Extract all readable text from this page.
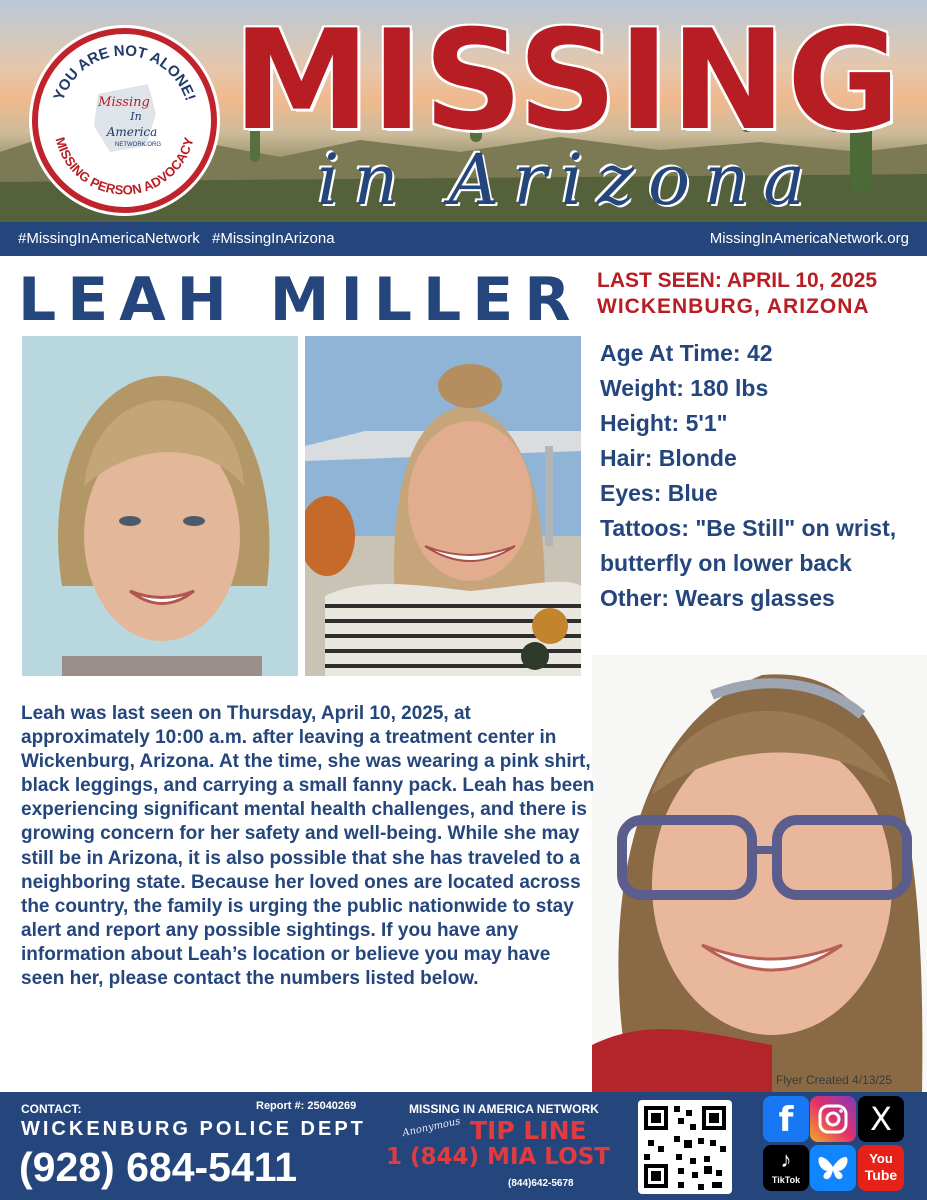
YOU ARE NOT ALONE!
MISSING PERSON ADVOCACY
Missing
In
America
NETWORK.ORG MISSING
in Arizona
#MissingInAmericaNetwork #MissingInArizona	MissingInAmericaNetwork.org
LEAH MILLER LAST SEEN: APRIL 10, 2025
WICKENBURG, ARIZONA
Age At Time: 42
Weight: 180 lbs
Height: 5'1"
Hair: Blonde
Eyes: Blue
Tattoos: "Be Still" on wrist, butterfly on lower back
Other: Wears glasses
Leah was last seen on Thursday, April 10, 2025, at approximately 10:00 a.m. after leaving a treatment center in Wickenburg, Arizona. At the time, she was wearing a pink shirt, black leggings, and carrying a small fanny pack. Leah has been experiencing significant mental health challenges, and there is growing concern for her safety and well-being. While she may still be in Arizona, it is also possible that she has traveled to a neighboring state. Because her loved ones are located across the country, the family is urging the public nationwide to stay alert and report any possible sightings. If you have any information about Leah’s location or believe you may have seen her, please contact the numbers listed below.
Flyer Created 4/13/25
CONTACT:	Report #: 25040269
WICKENBURG POLICE DEPT
(928) 684-5411
MISSING IN AMERICA NETWORK
Anonymous TIP LINE
1 (844) MIA LOST
(844)642-5678
f	X
♪
TikTok
You
Tube
